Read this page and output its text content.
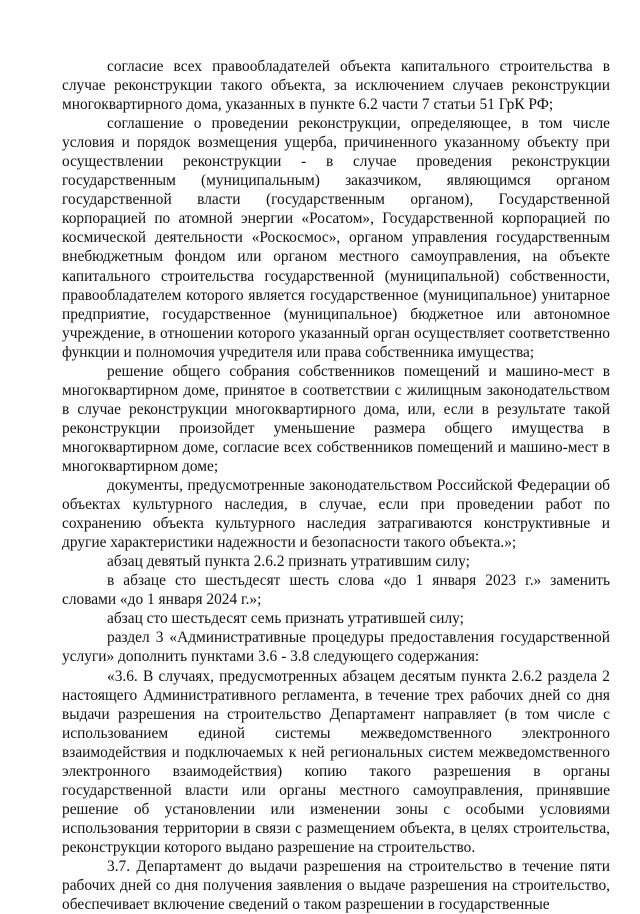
согласие всех правообладателей объекта капитального строительства в случае реконструкции такого объекта, за исключением случаев реконструкции многоквартирного дома, указанных в пункте 6.2 части 7 статьи 51 ГрК РФ;

соглашение о проведении реконструкции, определяющее, в том числе условия и порядок возмещения ущерба, причиненного указанному объекту при осуществлении реконструкции - в случае проведения реконструкции государственным (муниципальным) заказчиком, являющимся органом государственной власти (государственным органом), Государственной корпорацией по атомной энергии «Росатом», Государственной корпорацией по космической деятельности «Роскосмос», органом управления государственным внебюджетным фондом или органом местного самоуправления, на объекте капитального строительства государственной (муниципальной) собственности, правообладателем которого является государственное (муниципальное) унитарное предприятие, государственное (муниципальное) бюджетное или автономное учреждение, в отношении которого указанный орган осуществляет соответственно функции и полномочия учредителя или права собственника имущества;

решение общего собрания собственников помещений и машино-мест в многоквартирном доме, принятое в соответствии с жилищным законодательством в случае реконструкции многоквартирного дома, или, если в результате такой реконструкции произойдет уменьшение размера общего имущества в многоквартирном доме, согласие всех собственников помещений и машино-мест в многоквартирном доме;

документы, предусмотренные законодательством Российской Федерации об объектах культурного наследия, в случае, если при проведении работ по сохранению объекта культурного наследия затрагиваются конструктивные и другие характеристики надежности и безопасности такого объекта.»;

абзац девятый пункта 2.6.2 признать утратившим силу;

в абзаце сто шестьдесят шесть слова «до 1 января 2023 г.» заменить словами «до 1 января 2024 г.»;

абзац сто шестьдесят семь признать утратившей силу;

раздел 3 «Административные процедуры предоставления государственной услуги» дополнить пунктами 3.6 - 3.8 следующего содержания:

«3.6. В случаях, предусмотренных абзацем десятым пункта 2.6.2 раздела 2 настоящего Административного регламента, в течение трех рабочих дней со дня выдачи разрешения на строительство Департамент направляет (в том числе с использованием единой системы межведомственного электронного взаимодействия и подключаемых к ней региональных систем межведомственного электронного взаимодействия) копию такого разрешения в органы государственной власти или органы местного самоуправления, принявшие решение об установлении или изменении зоны с особыми условиями использования территории в связи с размещением объекта, в целях строительства, реконструкции которого выдано разрешение на строительство.

3.7. Департамент до выдачи разрешения на строительство в течение пяти рабочих дней со дня получения заявления о выдаче разрешения на строительство, обеспечивает включение сведений о таком разрешении в государственные
